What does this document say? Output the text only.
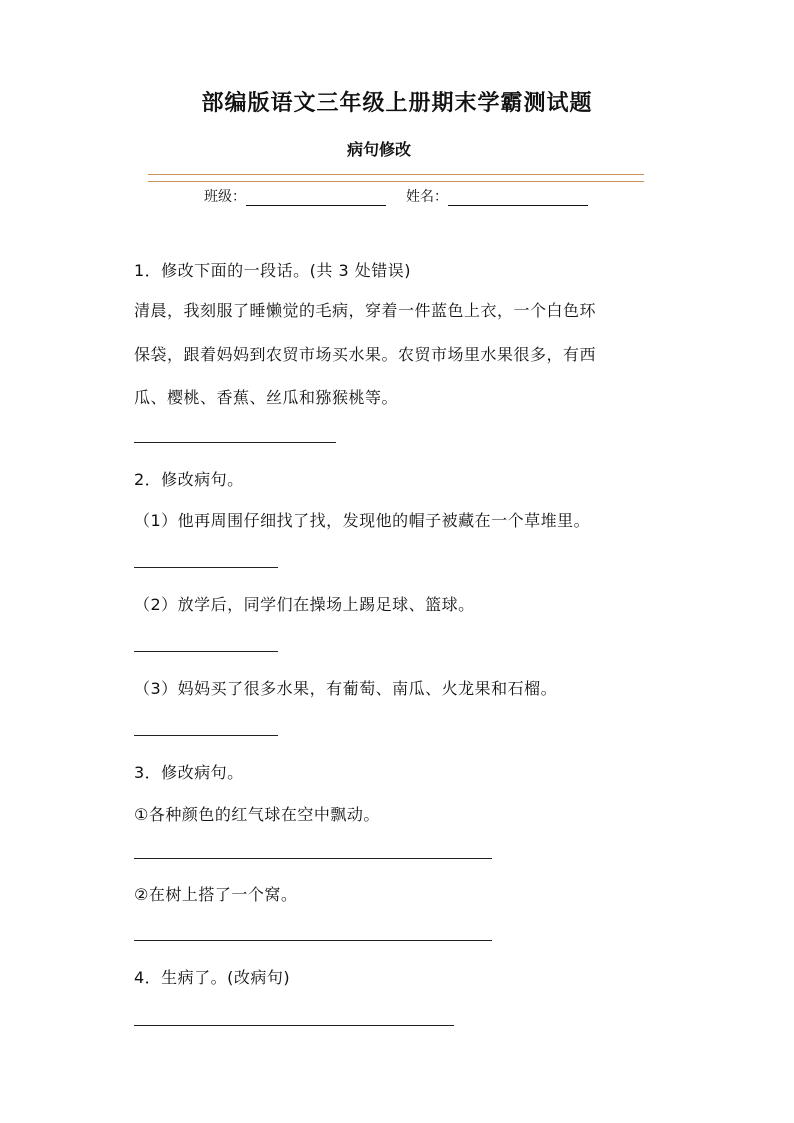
部编版语文三年级上册期末学霸测试题
病句修改
班级：	姓名：
1．修改下面的一段话。(共 3 处错误)
清晨，我刻服了睡懒觉的毛病，穿着一件蓝色上衣，一个白色环
保袋，跟着妈妈到农贸市场买水果。农贸市场里水果很多，有西
瓜、樱桃、香蕉、丝瓜和猕猴桃等。
2．修改病句。
（1）他再周围仔细找了找，发现他的帽子被藏在一个草堆里。
（2）放学后，同学们在操场上踢足球、篮球。
（3）妈妈买了很多水果，有葡萄、南瓜、火龙果和石榴。
3．修改病句。
①各种颜色的红气球在空中飘动。
②在树上搭了一个窝。
4．生病了。(改病句)
